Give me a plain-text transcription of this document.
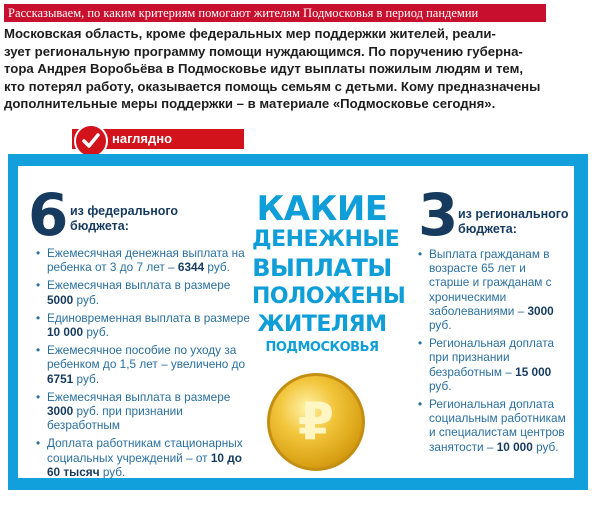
Рассказываем, по каким критериям помогают жителям Подмосковья в период пандемии
Московская область, кроме федеральных мер поддержки жителей, реали-
зует региональную программу помощи нуждающимся. По поручению губерна-
тора Андрея Воробьёва в Подмосковье идут выплаты пожилым людям и тем,
кто потерял работу, оказывается помощь семьям с детьми. Кому предназначены
дополнительные меры поддержки – в материале «Подмосковье сегодня».
наглядно
6 из федерального
бюджета:
• Ежемесячная денежная выплата на ребенка от 3 до 7 лет – 6344 руб.
• Ежемесячная выплата в размере 5000 руб.
• Единовременная выплата в размере 10 000 руб.
• Ежемесячное пособие по уходу за ребенком до 1,5 лет – увеличено до 6751 руб.
• Ежемесячная выплата в размере 3000 руб. при признании безработным
• Доплата работникам стационарных социальных учреждений – от 10 до 60 тысяч руб.
КАКИЕ
ДЕНЕЖНЫЕ
ВЫПЛАТЫ
ПОЛОЖЕНЫ
ЖИТЕЛЯМ
ПОДМОСКОВЬЯ
₽
3 из регионального
бюджета:
• Выплата гражданам в возрасте 65 лет и старше и гражданам с хроническими заболеваниями – 3000 руб.
• Региональная доплата при признании безработным – 15 000 руб.
• Региональная доплата социальным работникам и специалистам центров занятости – 10 000 руб.
